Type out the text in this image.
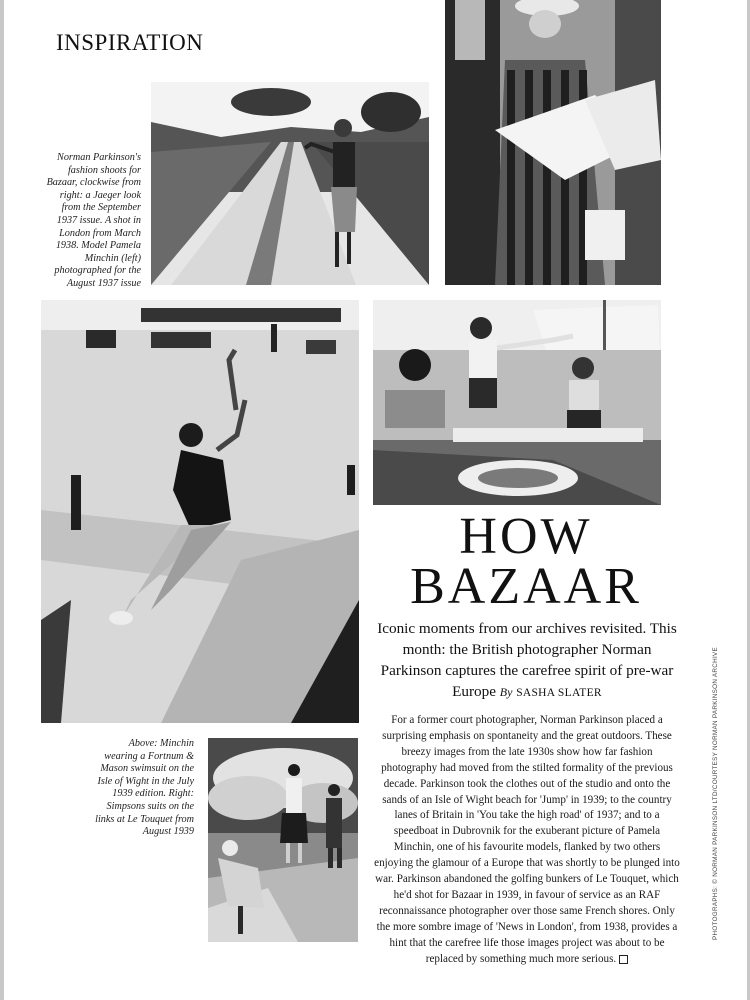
INSPIRATION
Norman Parkinson's fashion shoots for Bazaar, clockwise from right: a Jaeger look from the September 1937 issue. A shot in London from March 1938. Model Pamela Minchin (left) photographed for the August 1937 issue
Above: Minchin wearing a Fortnum & Mason swimsuit on the Isle of Wight in the July 1939 edition. Right: Simpsons suits on the links at Le Touquet from August 1939
HOW
BAZAAR

Iconic moments from our archives revisited. This month: the British photographer Norman Parkinson captures the carefree spirit of pre-war Europe By SASHA SLATER

For a former court photographer, Norman Parkinson placed a surprising emphasis on spontaneity and the great outdoors. These breezy images from the late 1930s show how far fashion photography had moved from the stilted formality of the previous decade. Parkinson took the clothes out of the studio and onto the sands of an Isle of Wight beach for 'Jump' in 1939; to the country lanes of Britain in 'You take the high road' of 1937; and to a speedboat in Dubrovnik for the exuberant picture of Pamela Minchin, one of his favourite models, flanked by two others enjoying the glamour of a Europe that was shortly to be plunged into war. Parkinson abandoned the golfing bunkers of Le Touquet, which he'd shot for Bazaar in 1939, in favour of service as an RAF reconnaissance photographer over those same French shores. Only the more sombre image of 'News in London', from 1938, provides a hint that the carefree life those images project was about to be replaced by something much more serious.

PHOTOGRAPHS: © NORMAN PARKINSON LTD/COURTESY NORMAN PARKINSON ARCHIVE
